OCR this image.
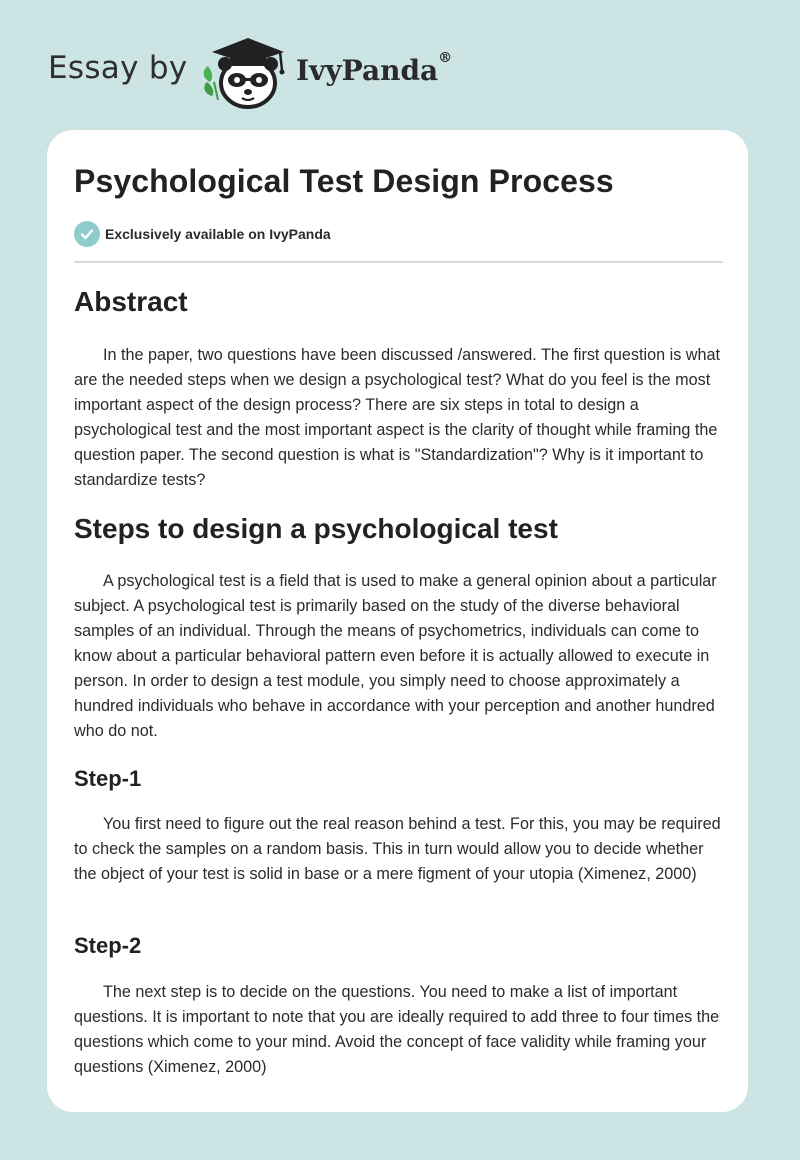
Essay by	IvyPanda®
Psychological Test Design Process
Exclusively available on IvyPanda
Abstract

In the paper, two questions have been discussed /answered. The first question is what are the needed steps when we design a psychological test? What do you feel is the most important aspect of the design process? There are six steps in total to design a psychological test and the most important aspect is the clarity of thought while framing the question paper. The second question is what is "Standardization"? Why is it important to standardize tests?

Steps to design a psychological test

A psychological test is a field that is used to make a general opinion about a particular subject. A psychological test is primarily based on the study of the diverse behavioral samples of an individual. Through the means of psychometrics, individuals can come to know about a particular behavioral pattern even before it is actually allowed to execute in person. In order to design a test module, you simply need to choose approximately a hundred individuals who behave in accordance with your perception and another hundred who do not.

Step-1

You first need to figure out the real reason behind a test. For this, you may be required to check the samples on a random basis. This in turn would allow you to decide whether the object of your test is solid in base or a mere figment of your utopia (Ximenez, 2000)

Step-2

The next step is to decide on the questions. You need to make a list of important questions. It is important to note that you are ideally required to add three to four times the questions which come to your mind. Avoid the concept of face validity while framing your questions (Ximenez, 2000)
